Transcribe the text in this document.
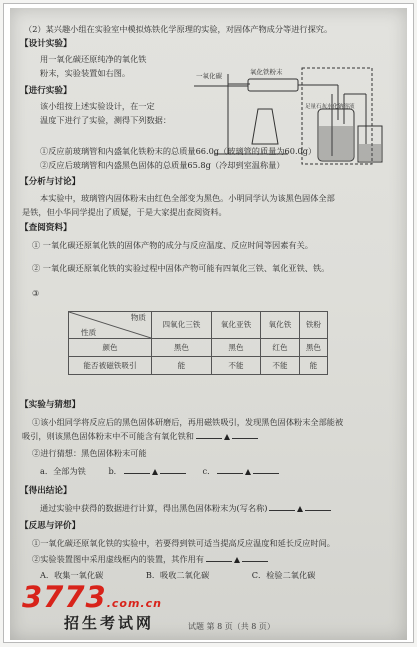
（2）某兴趣小组在实验室中模拟炼铁化学原理的实验，对固体产物成分等进行探究。
【设计实验】
用一氧化碳还原纯净的氧化铁
粉末，实验装置如右图。	一氧化碳	氧化铁粉末
足量石灰水化钠溶液
【进行实验】
该小组按上述实验设计，在一定
温度下进行了实验，测得下列数据：
①反应前玻璃管和内盛氧化铁粉末的总质量66.0g（玻璃管的质量为60.0g）
②反应后玻璃管和内盛黑色固体的总质量65.8g（冷却到室温称量）
【分析与讨论】
本实验中，玻璃管内固体粉末由红色全部变为黑色。小明同学认为该黑色固体全部
是铁，但小华同学提出了质疑，于是大家提出查阅资料。
【查阅资料】
① 一氧化碳还原氧化铁的固体产物的成分与反应温度、反应时间等因素有关。
② 一氧化碳还原氧化铁的实验过程中固体产物可能有四氧化三铁、氧化亚铁、铁。
③
物质
性质	四氧化三铁	氧化亚铁	氧化铁	铁粉
颜色	黑色	黑色	红色	黑色
能否被磁铁吸引	能	不能	不能	能
【实验与猜想】
①该小组同学将反应后的黑色固体研磨后，再用磁铁吸引，发现黑色固体粉末全部能被
吸引，则该黑色固体粉末中不可能含有氧化铁和
②进行猜想：黑色固体粉末可能
a．全部为铁	b．	c．
【得出结论】
通过实验中获得的数据进行计算，得出黑色固体粉末为(写名称)
【反思与评价】
①一氧化碳还原氧化铁的实验中，若要得到铁可适当提高反应温度和延长反应时间。
②实验装置图中采用虚线框内的装置，其作用有
A．收集一氧化碳	B．吸收二氧化碳	C．检验二氧化碳
试题 第 8 页（共 8 页）
3773.com.cn
招生考试网
